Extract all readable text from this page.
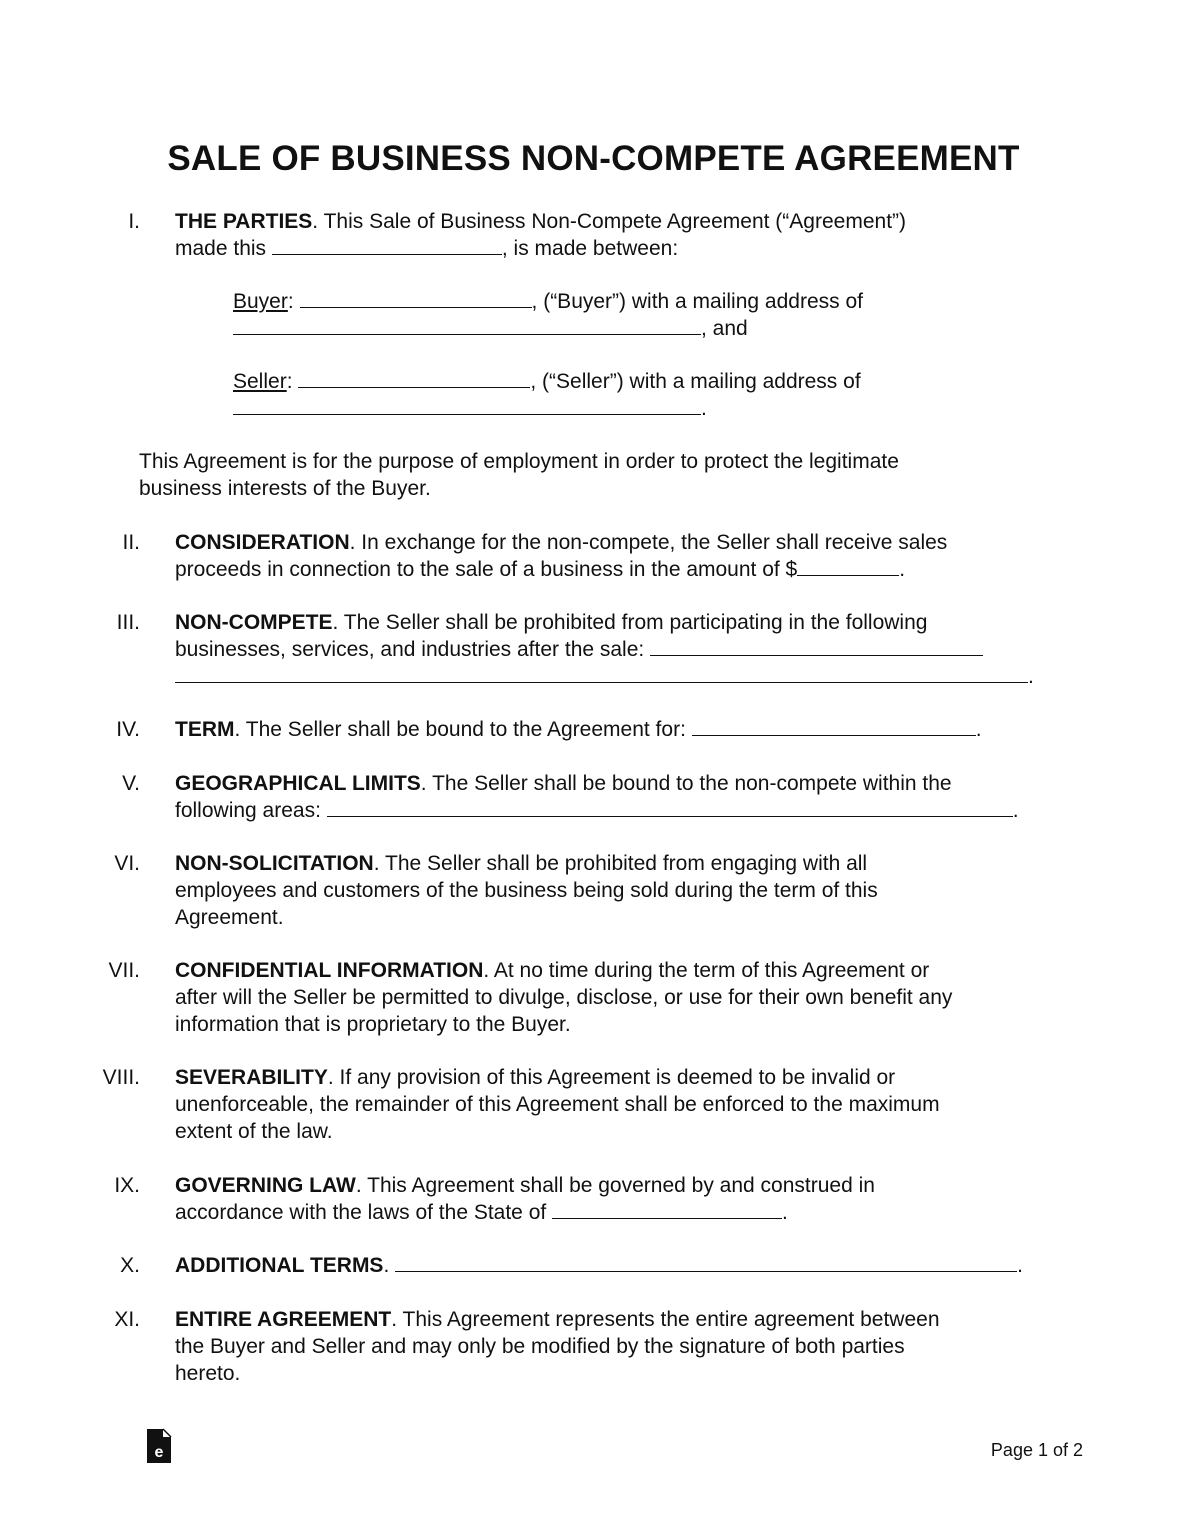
SALE OF BUSINESS NON-COMPETE AGREEMENT
I. THE PARTIES. This Sale of Business Non-Compete Agreement (“Agreement”)
made this	, is made between:
Buyer:	, (“Buyer”) with a mailing address of
, and
Seller:	, (“Seller”) with a mailing address of
.
This Agreement is for the purpose of employment in order to protect the legitimate
business interests of the Buyer.
II. CONSIDERATION. In exchange for the non-compete, the Seller shall receive sales
proceeds in connection to the sale of a business in the amount of $	.
III. NON-COMPETE. The Seller shall be prohibited from participating in the following
businesses, services, and industries after the sale:
.
IV. TERM. The Seller shall be bound to the Agreement for:	.
V. GEOGRAPHICAL LIMITS. The Seller shall be bound to the non-compete within the
following areas:	.
VI. NON-SOLICITATION. The Seller shall be prohibited from engaging with all
employees and customers of the business being sold during the term of this
Agreement.
VII. CONFIDENTIAL INFORMATION. At no time during the term of this Agreement or
after will the Seller be permitted to divulge, disclose, or use for their own benefit any
information that is proprietary to the Buyer.
VIII. SEVERABILITY. If any provision of this Agreement is deemed to be invalid or
unenforceable, the remainder of this Agreement shall be enforced to the maximum
extent of the law.
IX. GOVERNING LAW. This Agreement shall be governed by and construed in
accordance with the laws of the State of	.
X. ADDITIONAL TERMS.	.
XI. ENTIRE AGREEMENT. This Agreement represents the entire agreement between
the Buyer and Seller and may only be modified by the signature of both parties
hereto.
e	Page 1 of 2
